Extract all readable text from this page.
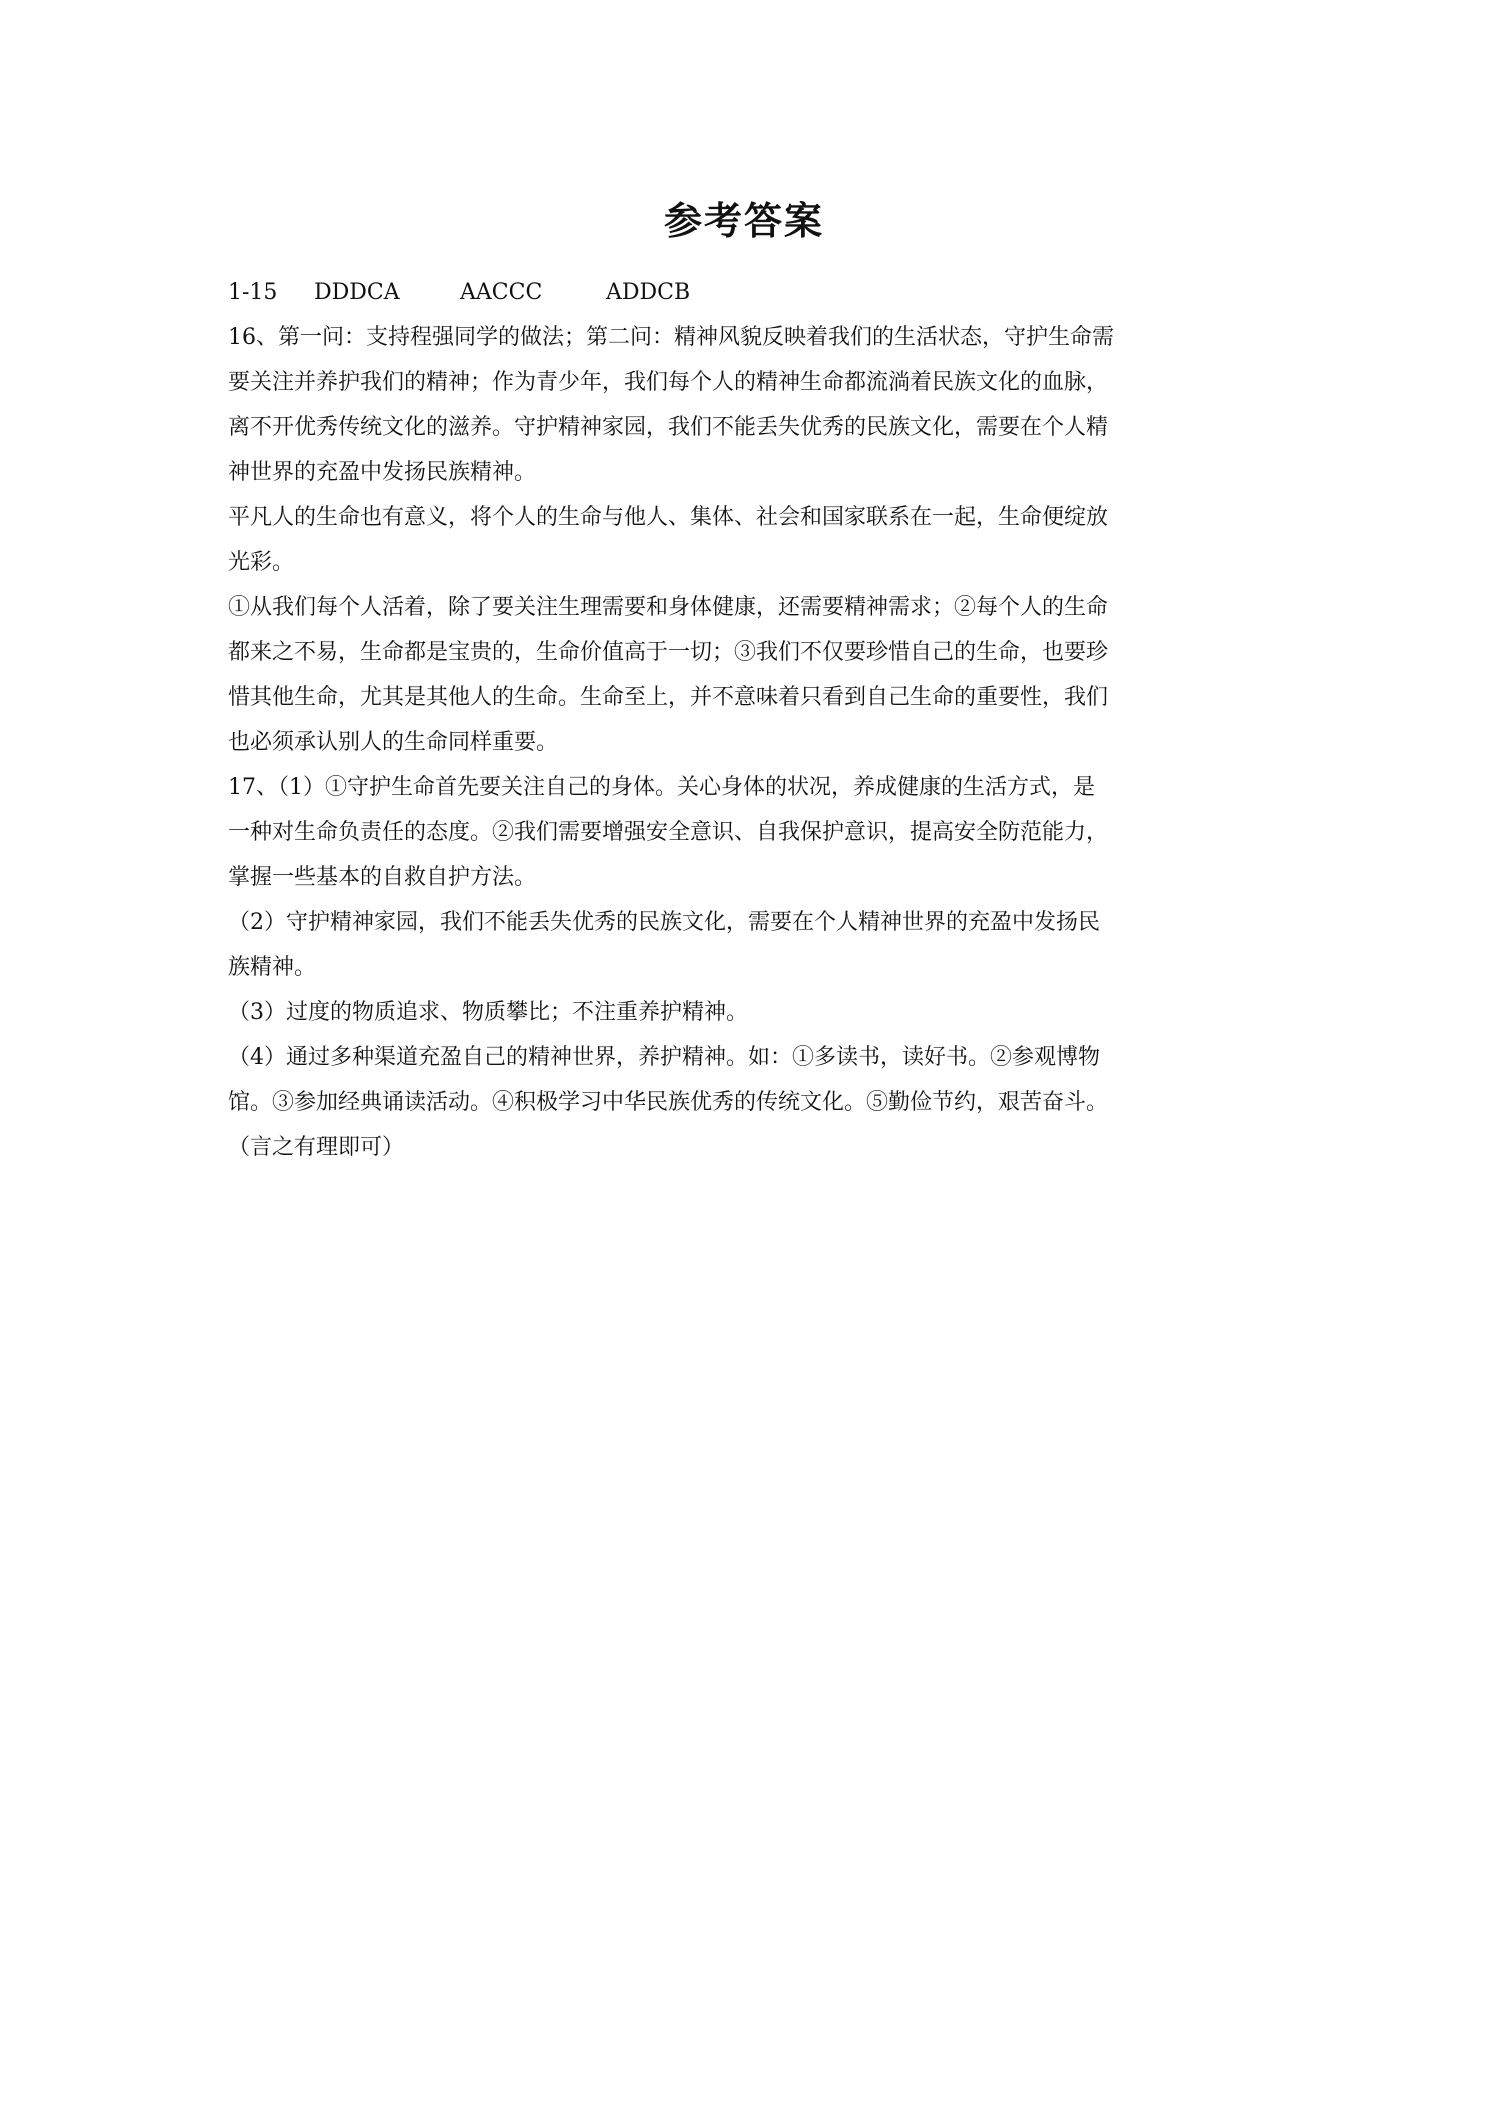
参考答案
1-15 DDDCA	AACCC	ADDCB
16、第一问：支持程强同学的做法；第二问：精神风貌反映着我们的生活状态，守护生命需
要关注并养护我们的精神；作为青少年，我们每个人的精神生命都流淌着民族文化的血脉，
离不开优秀传统文化的滋养。守护精神家园，我们不能丢失优秀的民族文化，需要在个人精
神世界的充盈中发扬民族精神。
平凡人的生命也有意义，将个人的生命与他人、集体、社会和国家联系在一起，生命便绽放
光彩。
①从我们每个人活着，除了要关注生理需要和身体健康，还需要精神需求；②每个人的生命
都来之不易，生命都是宝贵的，生命价值高于一切；③我们不仅要珍惜自己的生命，也要珍
惜其他生命，尤其是其他人的生命。生命至上，并不意味着只看到自己生命的重要性，我们
也必须承认别人的生命同样重要。
17、（1）①守护生命首先要关注自己的身体。关心身体的状况，养成健康的生活方式，是
一种对生命负责任的态度。②我们需要增强安全意识、自我保护意识，提高安全防范能力，
掌握一些基本的自救自护方法。
（2）守护精神家园，我们不能丢失优秀的民族文化，需要在个人精神世界的充盈中发扬民
族精神。
（3）过度的物质追求、物质攀比；不注重养护精神。
（4）通过多种渠道充盈自己的精神世界，养护精神。如：①多读书，读好书。②参观博物
馆。③参加经典诵读活动。④积极学习中华民族优秀的传统文化。⑤勤俭节约，艰苦奋斗。
（言之有理即可）
